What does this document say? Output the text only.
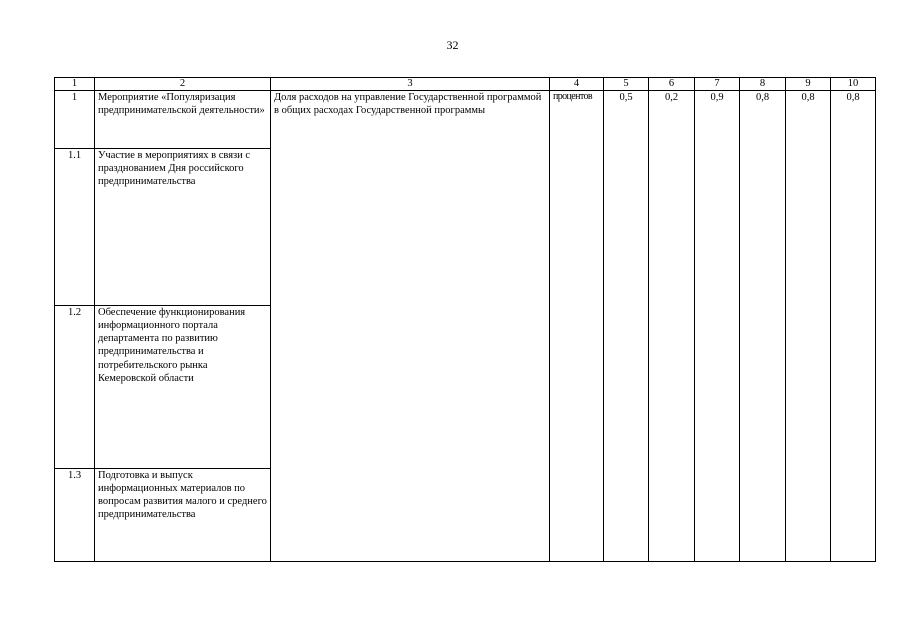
32
1	2	3	4	5	6	7	8	9	10
1	Мероприятие «Популяризация предпринимательской деятельности»	Доля расходов на управление Государственной программой в общих расходах Государственной программы	процентов	0,5	0,2	0,9	0,8	0,8	0,8
1.1	Участие в мероприятиях в связи с празднованием Дня российского предпринимательства								
1.2	Обеспечение функционирования информационного портала департамента по развитию предпринимательства и потребительского рынка Кемеровской области								
1.3	Подготовка и выпуск информационных материалов по вопросам развития малого и среднего предпринимательства								
